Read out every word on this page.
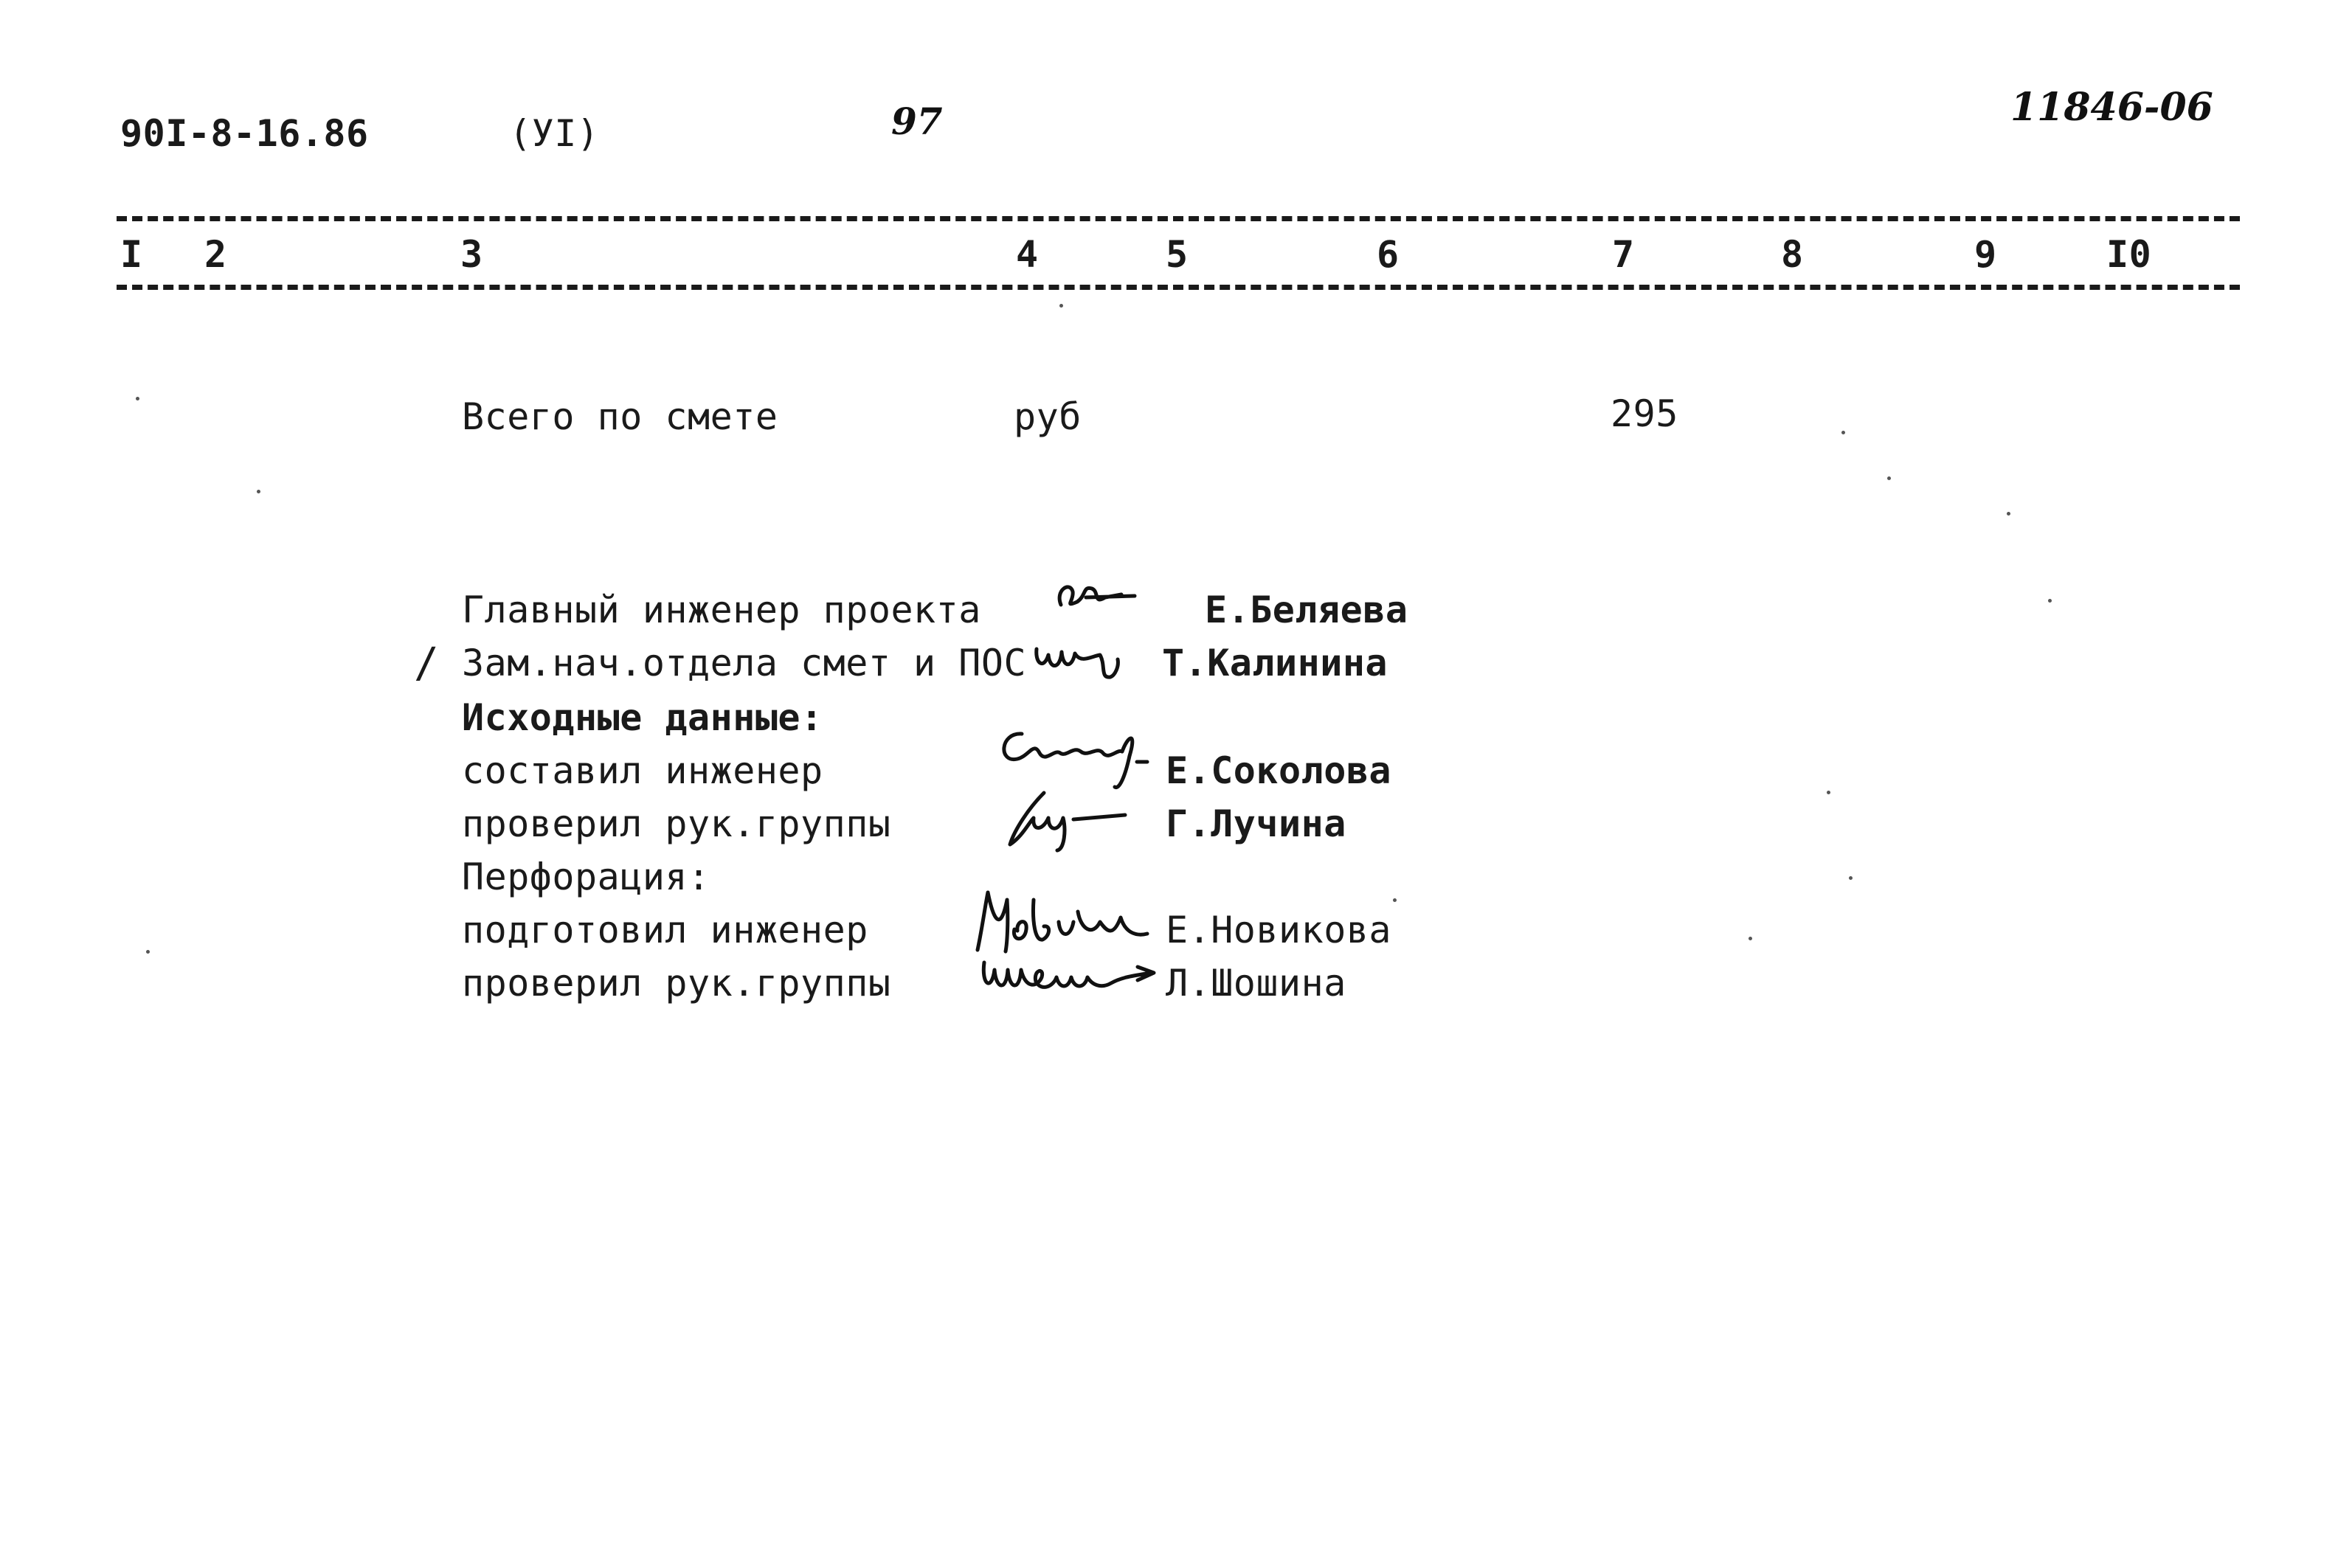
90I-8-16.86	(УI)	97	11846-06
I 2	3	4	5	6	7	8	9	I0
Всего по смете	руб	295
/
Главный инженер проекта	Е.Беляева
Зам.нач.отдела смет и ПОС	Т.Калинина
Исходные данные:
составил инженер	Е.Соколова
проверил рук.группы	Г.Лучина
Перфорация:
подготовил инженер	Е.Новикова
проверил рук.группы	Л.Шошина
